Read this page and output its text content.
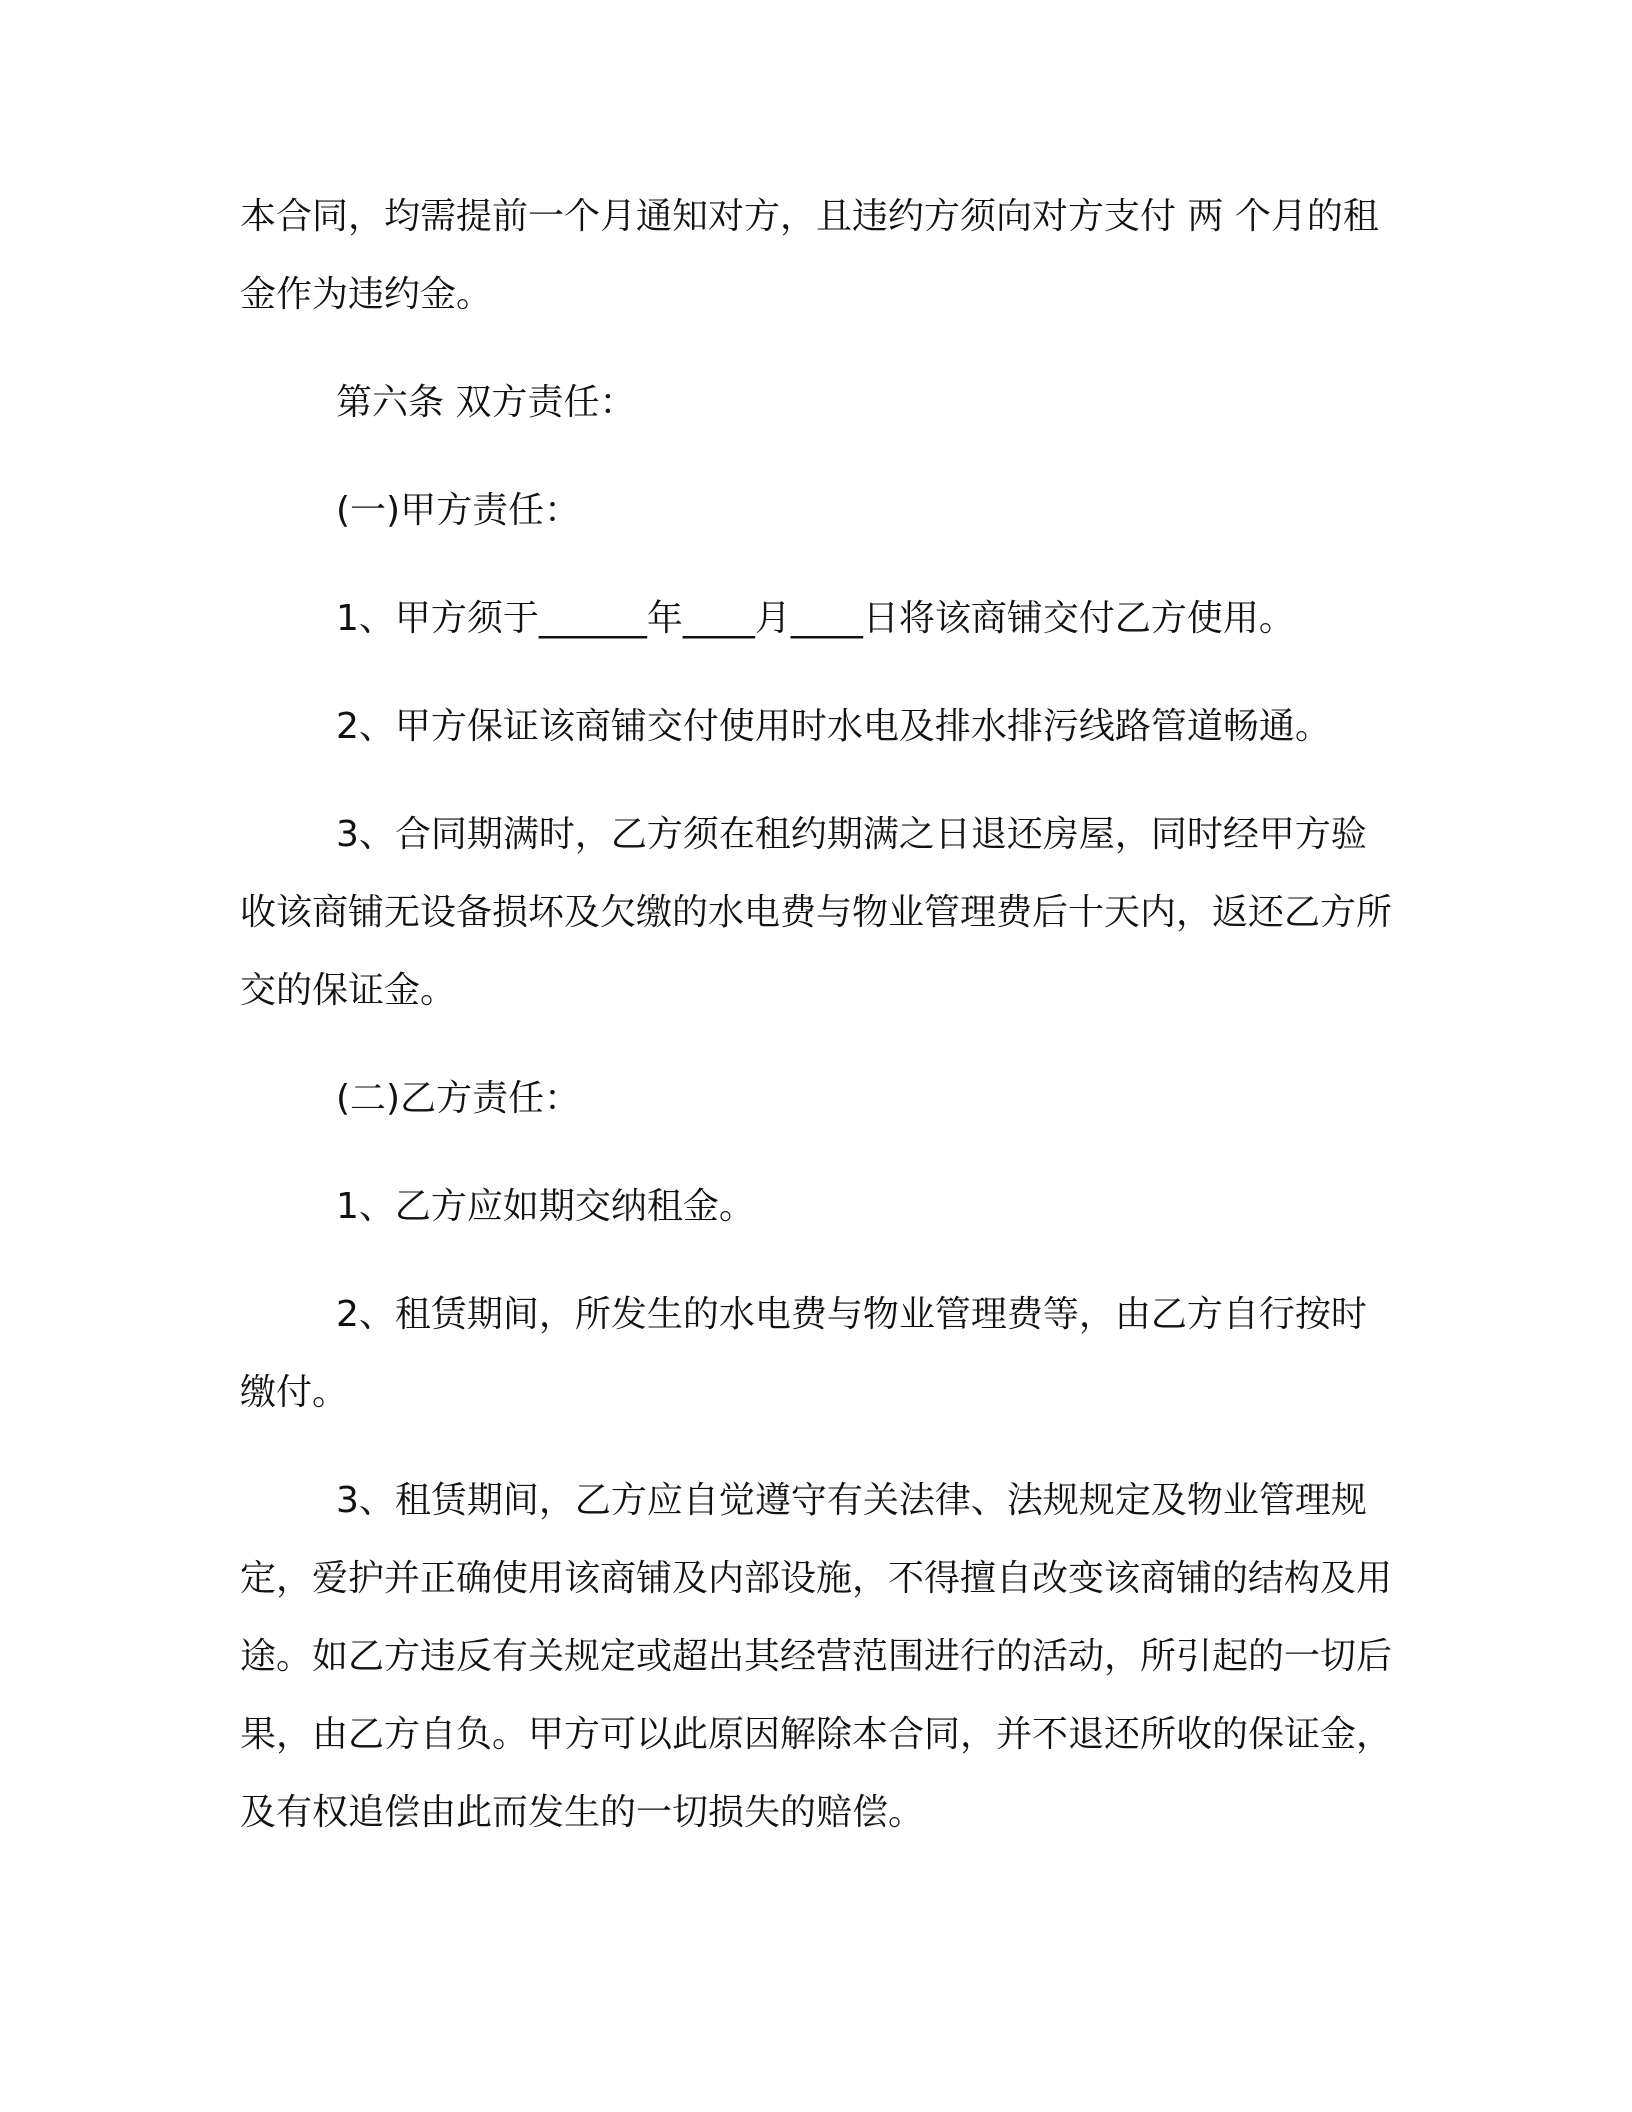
本合同，均需提前一个月通知对方，且违约方须向对方支付 两 个月的租金作为违约金。

第六条 双方责任：

(一)甲方责任：

1、甲方须于______年____月____日将该商铺交付乙方使用。

2、甲方保证该商铺交付使用时水电及排水排污线路管道畅通。

3、合同期满时，乙方须在租约期满之日退还房屋，同时经甲方验收该商铺无设备损坏及欠缴的水电费与物业管理费后十天内，返还乙方所交的保证金。

(二)乙方责任：

1、乙方应如期交纳租金。

2、租赁期间，所发生的水电费与物业管理费等，由乙方自行按时缴付。

3、租赁期间，乙方应自觉遵守有关法律、法规规定及物业管理规定，爱护并正确使用该商铺及内部设施，不得擅自改变该商铺的结构及用途。如乙方违反有关规定或超出其经营范围进行的活动，所引起的一切后果，由乙方自负。甲方可以此原因解除本合同，并不退还所收的保证金，及有权追偿由此而发生的一切损失的赔偿。
